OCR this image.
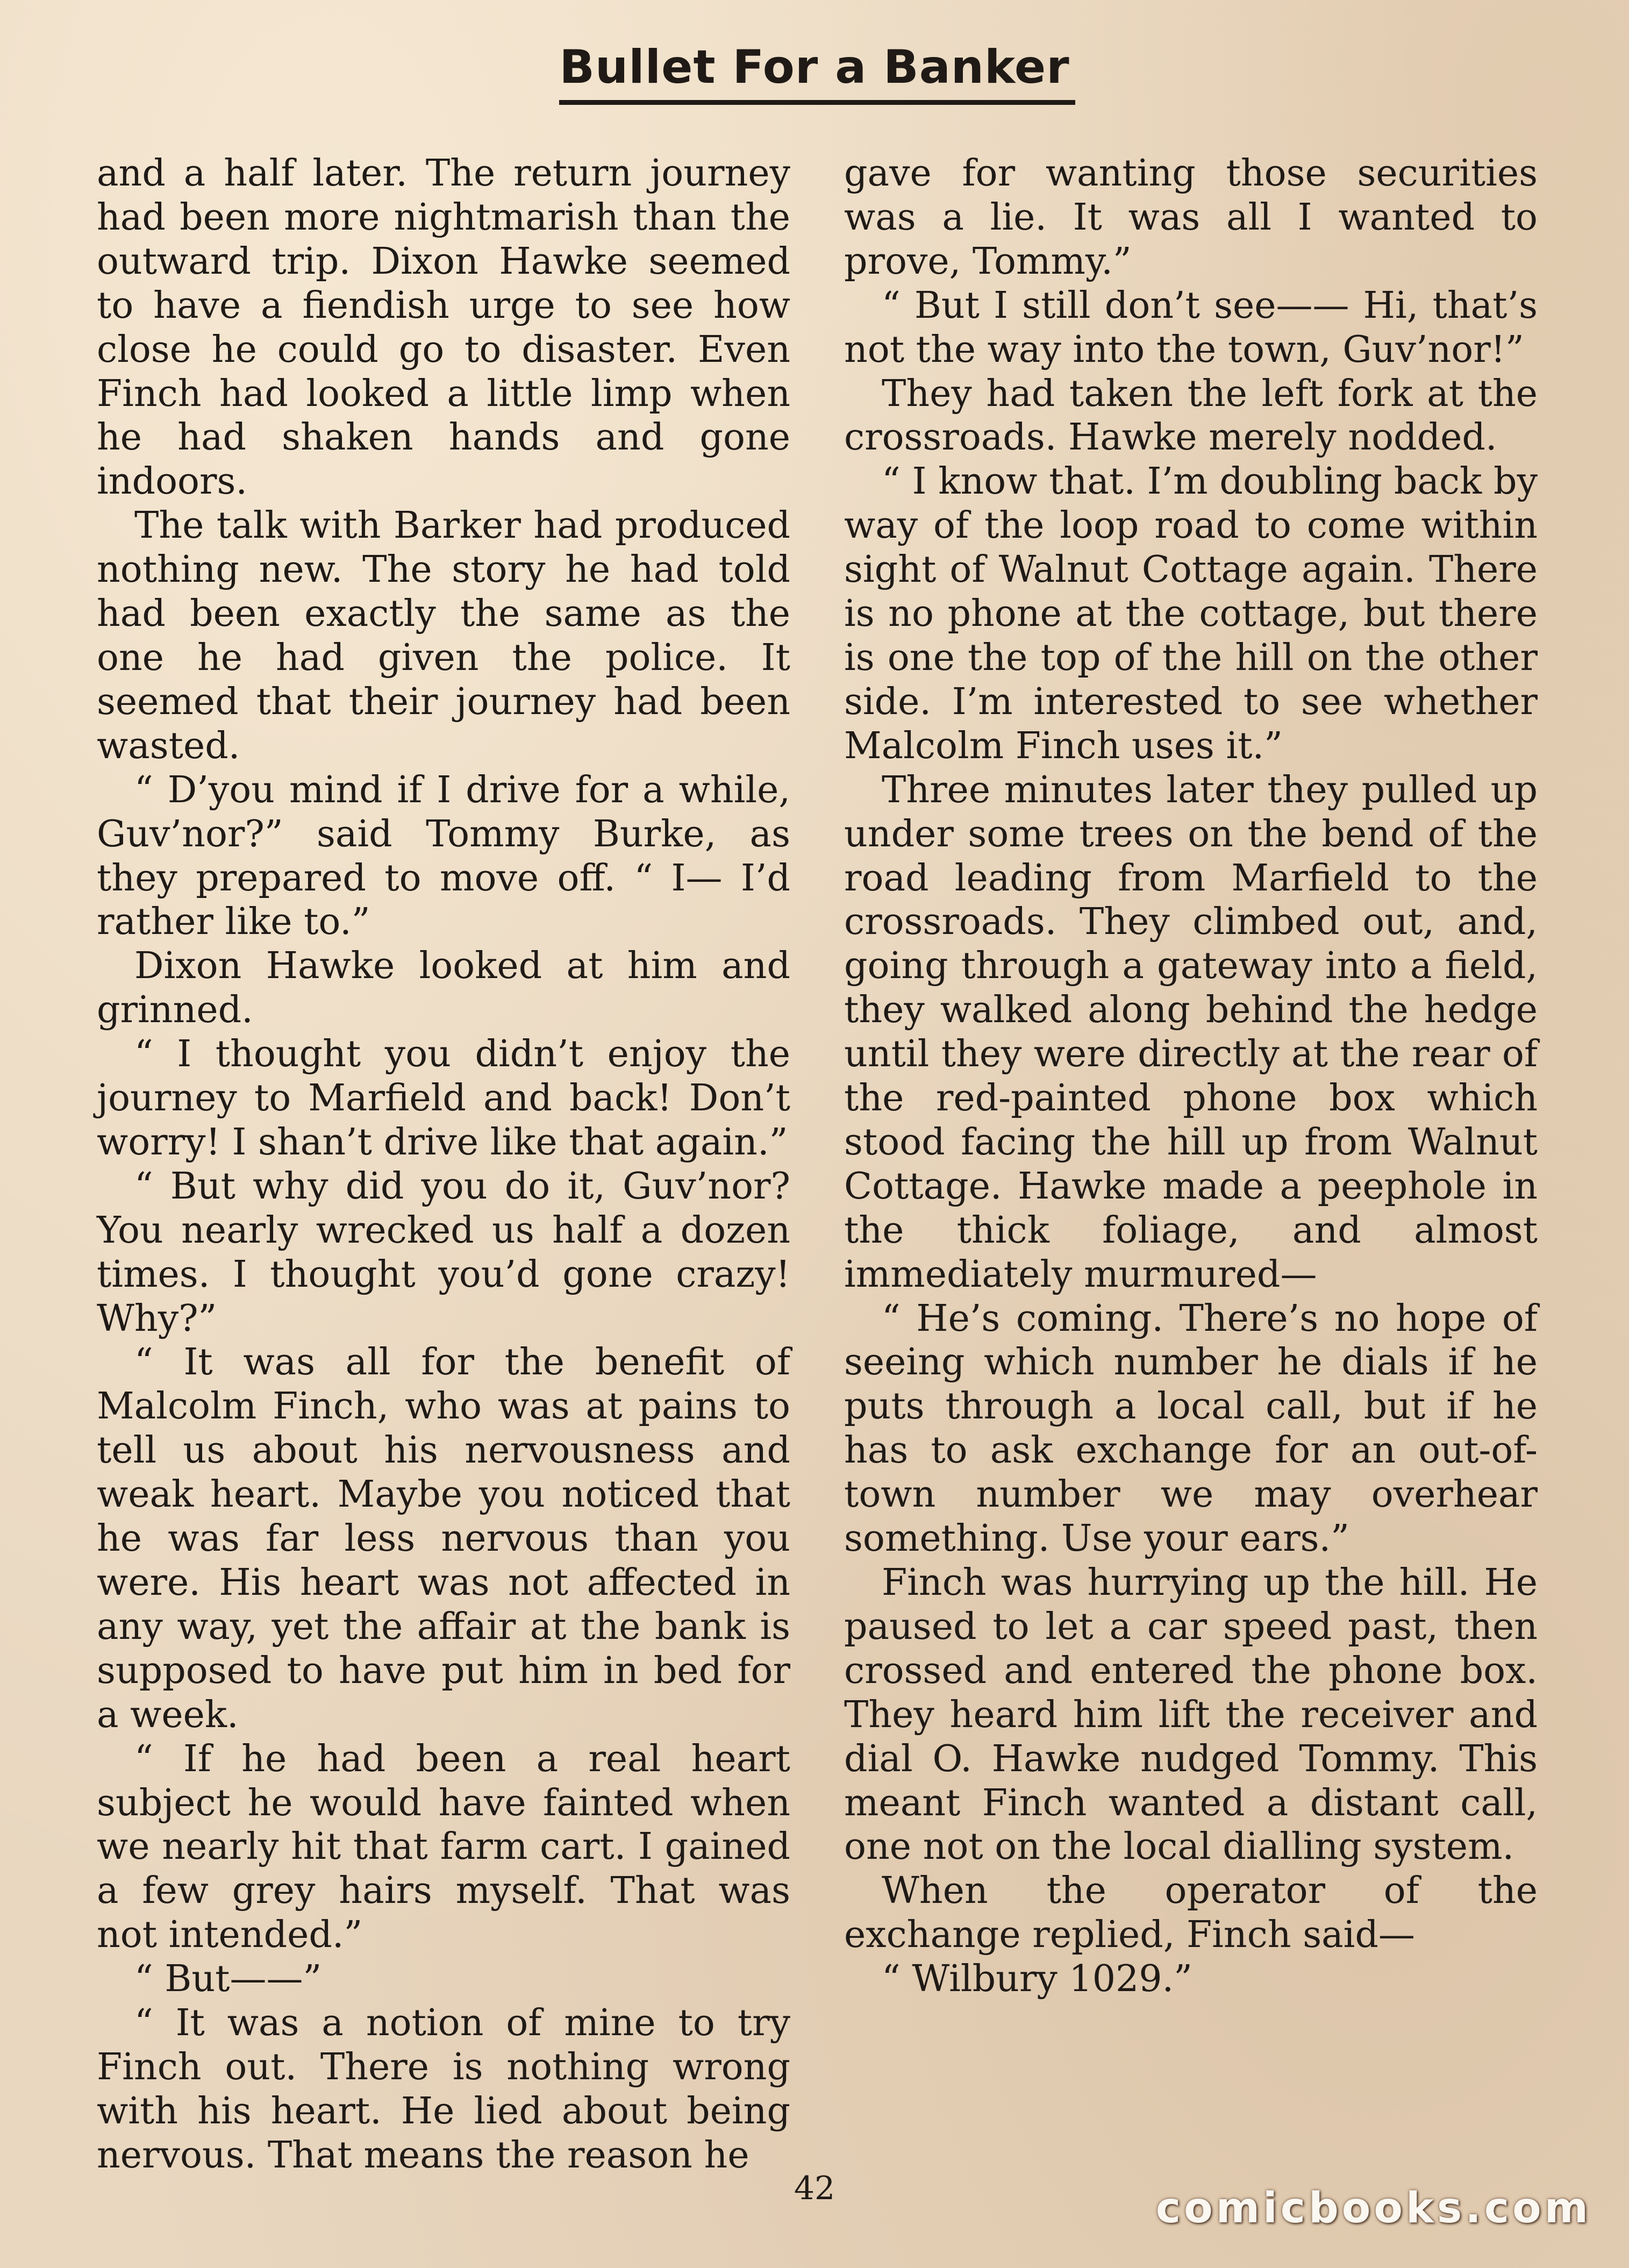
Bullet For a Banker

and a half later. The return journey had been more nightmarish than the outward trip. Dixon Hawke seemed to have a fiendish urge to see how close he could go to disaster. Even Finch had looked a little limp when he had shaken hands and gone indoors.

The talk with Barker had produced nothing new. The story he had told had been exactly the same as the one he had given the police. It seemed that their journey had been wasted.

“ D’you mind if I drive for a while, Guv’nor?” said Tommy Burke, as they prepared to move off. “ I— I’d rather like to.”

Dixon Hawke looked at him and grinned.

“ I thought you didn’t enjoy the journey to Marfield and back! Don’t worry! I shan’t drive like that again.”

“ But why did you do it, Guv’nor? You nearly wrecked us half a dozen times. I thought you’d gone crazy! Why?”

“ It was all for the benefit of Malcolm Finch, who was at pains to tell us about his nervousness and weak heart. Maybe you noticed that he was far less nervous than you were. His heart was not affected in any way, yet the affair at the bank is supposed to have put him in bed for a week.

“ If he had been a real heart subject he would have fainted when we nearly hit that farm cart. I gained a few grey hairs myself. That was not intended.”

“ But——”

“ It was a notion of mine to try Finch out. There is nothing wrong with his heart. He lied about being nervous. That means the reason he

gave for wanting those securities was a lie. It was all I wanted to prove, Tommy.”

“ But I still don’t see—— Hi, that’s not the way into the town, Guv’nor!”

They had taken the left fork at the crossroads. Hawke merely nodded.

“ I know that. I’m doubling back by way of the loop road to come within sight of Walnut Cottage again. There is no phone at the cottage, but there is one the top of the hill on the other side. I’m interested to see whether Malcolm Finch uses it.”

Three minutes later they pulled up under some trees on the bend of the road leading from Marfield to the crossroads. They climbed out, and, going through a gateway into a field, they walked along behind the hedge until they were directly at the rear of the red-painted phone box which stood facing the hill up from Walnut Cottage. Hawke made a peephole in the thick foliage, and almost immediately murmured—

“ He’s coming. There’s no hope of seeing which number he dials if he puts through a local call, but if he has to ask exchange for an out-of-town number we may overhear something. Use your ears.”

Finch was hurrying up the hill. He paused to let a car speed past, then crossed and entered the phone box. They heard him lift the receiver and dial O. Hawke nudged Tommy. This meant Finch wanted a distant call, one not on the local dialling system.

When the operator of the exchange replied, Finch said—

“ Wilbury 1029.”

42	comicbooks.com
